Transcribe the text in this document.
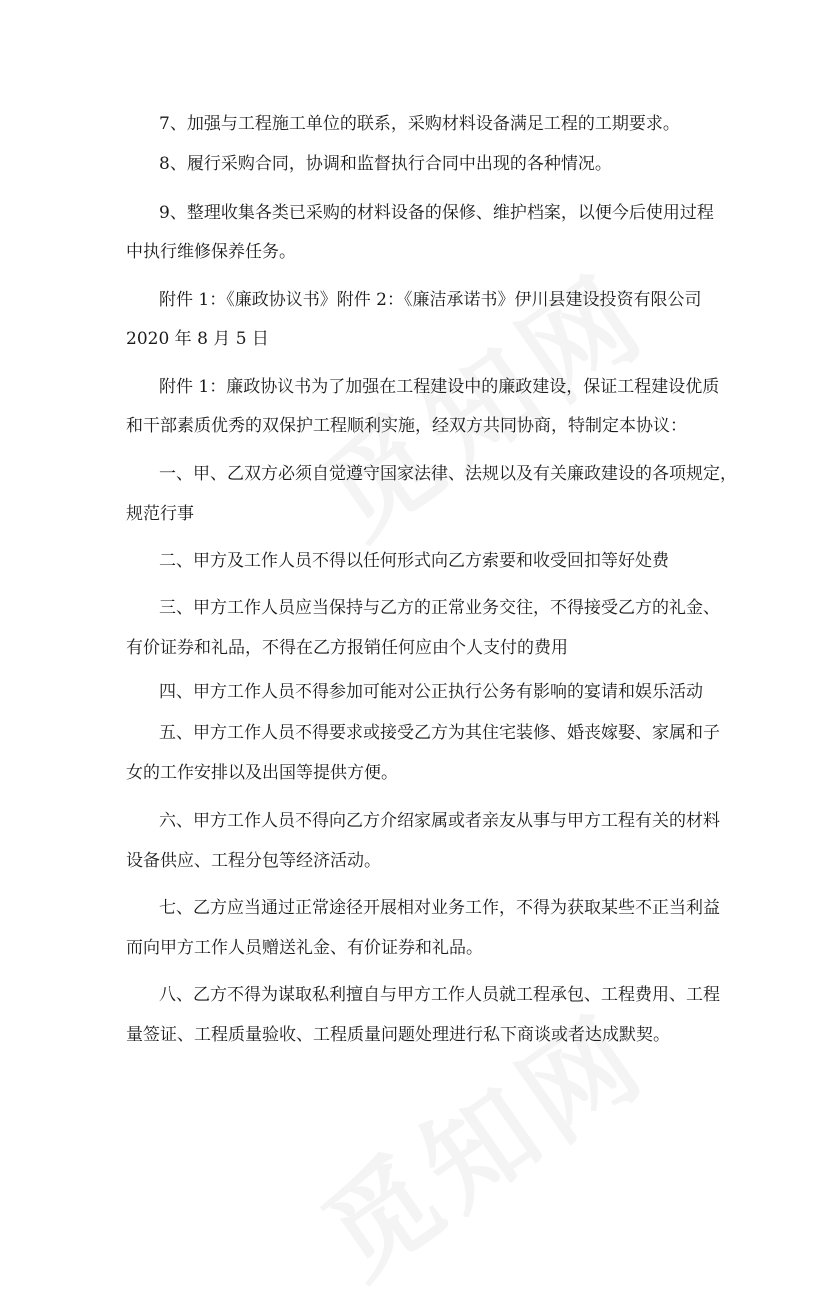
7、加强与工程施工单位的联系，采购材料设备满足工程的工期要求。
8、履行采购合同，协调和监督执行合同中出现的各种情况。
9、整理收集各类已采购的材料设备的保修、维护档案，以便今后使用过程
中执行维修保养任务。
附件 1：《廉政协议书》附件 2：《廉洁承诺书》伊川县建设投资有限公司
2020 年 8 月 5 日
附件 1：廉政协议书为了加强在工程建设中的廉政建设，保证工程建设优质
和干部素质优秀的双保护工程顺利实施，经双方共同协商，特制定本协议：
一、甲、乙双方必须自觉遵守国家法律、法规以及有关廉政建设的各项规定，
规范行事
二、甲方及工作人员不得以任何形式向乙方索要和收受回扣等好处费
三、甲方工作人员应当保持与乙方的正常业务交往，不得接受乙方的礼金、
有价证券和礼品，不得在乙方报销任何应由个人支付的费用
四、甲方工作人员不得参加可能对公正执行公务有影响的宴请和娱乐活动
五、甲方工作人员不得要求或接受乙方为其住宅装修、婚丧嫁娶、家属和子
女的工作安排以及出国等提供方便。
六、甲方工作人员不得向乙方介绍家属或者亲友从事与甲方工程有关的材料
设备供应、工程分包等经济活动。
七、乙方应当通过正常途径开展相对业务工作，不得为获取某些不正当利益
而向甲方工作人员赠送礼金、有价证券和礼品。
八、乙方不得为谋取私利擅自与甲方工作人员就工程承包、工程费用、工程
量签证、工程质量验收、工程质量问题处理进行私下商谈或者达成默契。
